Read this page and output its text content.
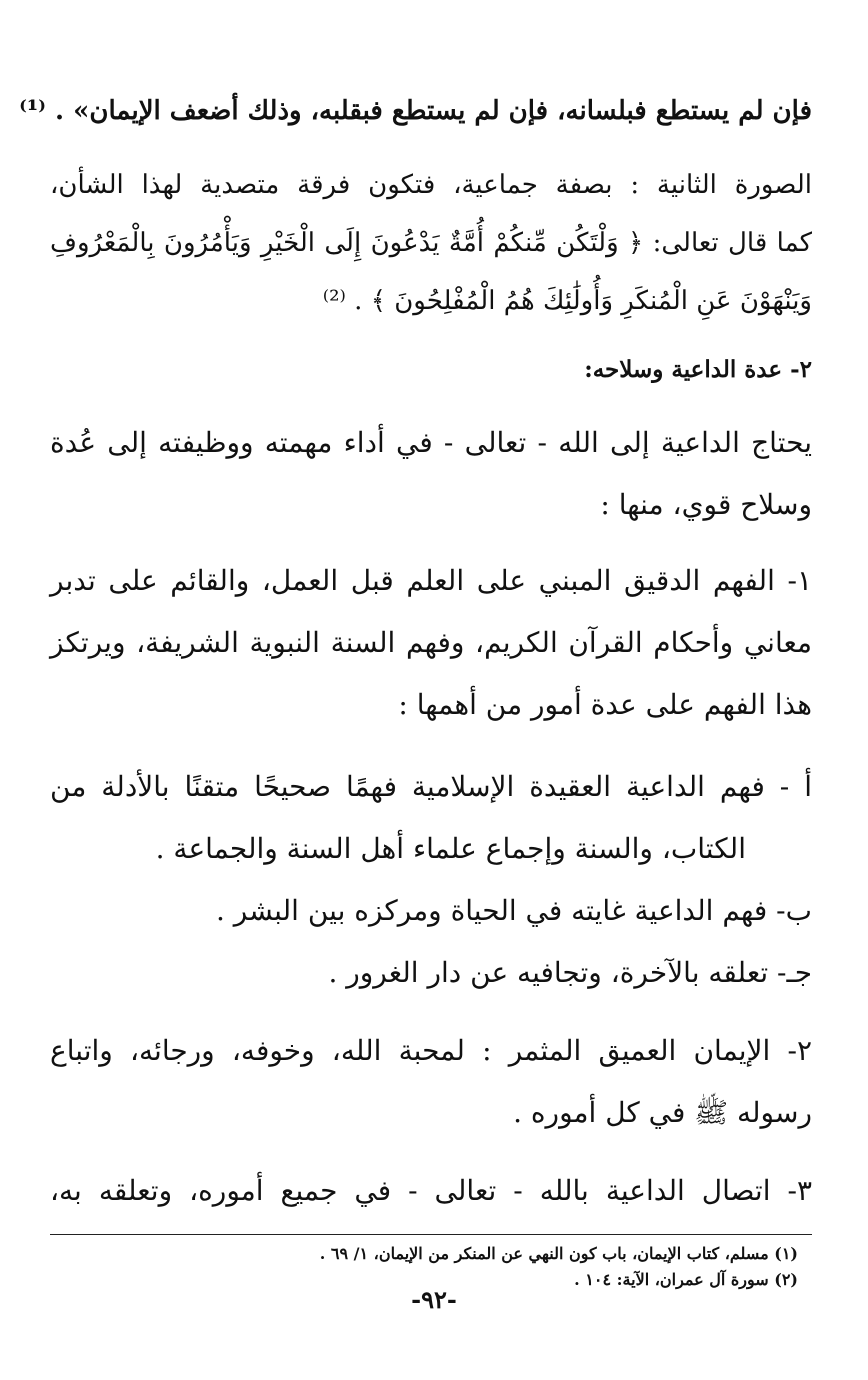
فإن لم يستطع فبلسانه، فإن لم يستطع فبقلبه، وذلك أضعف الإيمان» . ⁽¹⁾
الصورة الثانية : بصفة جماعية، فتكون فرقة متصدية لهذا الشأن،
كما قال تعالى: ﴿ وَلْتَكُن مِّنكُمْ أُمَّةٌ يَدْعُونَ إِلَى الْخَيْرِ وَيَأْمُرُونَ بِالْمَعْرُوفِ
وَيَنْهَوْنَ عَنِ الْمُنكَرِ وَأُولَٰئِكَ هُمُ الْمُفْلِحُونَ ﴾ . ⁽²⁾
٢- عدة الداعية وسلاحه:
يحتاج الداعية إلى الله - تعالى - في أداء مهمته ووظيفته إلى عُدة
وسلاح قوي، منها :
١- الفهم الدقيق المبني على العلم قبل العمل، والقائم على تدبر
معاني وأحكام القرآن الكريم، وفهم السنة النبوية الشريفة، ويرتكز
هذا الفهم على عدة أمور من أهمها :
أ - فهم الداعية العقيدة الإسلامية فهمًا صحيحًا متقنًا بالأدلة من
الكتاب، والسنة وإجماع علماء أهل السنة والجماعة .
ب- فهم الداعية غايته في الحياة ومركزه بين البشر .
جـ- تعلقه بالآخرة، وتجافيه عن دار الغرور .
٢- الإيمان العميق المثمر : لمحبة الله، وخوفه، ورجائه، واتباع
رسوله ﷺ في كل أموره .
٣- اتصال الداعية بالله - تعالى - في جميع أموره، وتعلقه به،
(١) مسلم، كتاب الإيمان، باب كون النهي عن المنكر من الإيمان، ١/ ٦٩ .
(٢) سورة آل عمران، الآية: ١٠٤ .
-٩٢-
